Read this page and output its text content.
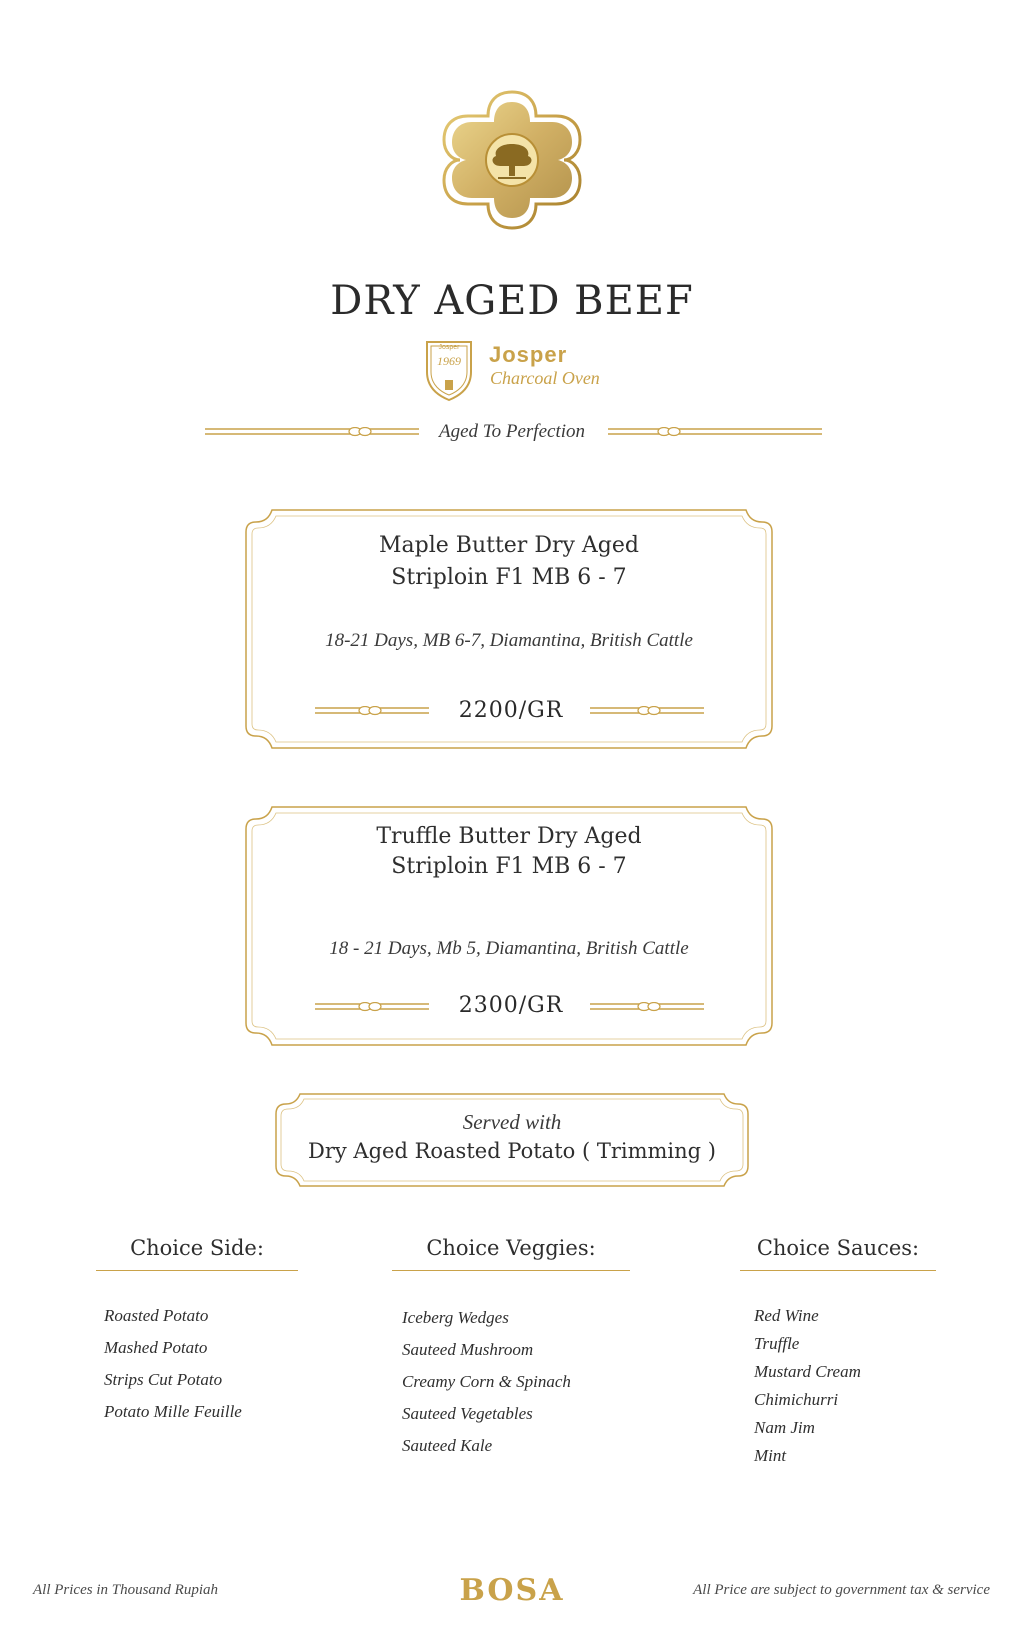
DRY AGED BEEF
Josper
1969 Josper
Charcoal Oven
Aged To Perfection
Maple Butter Dry Aged
Striploin F1 MB 6 - 7
18-21 Days, MB 6-7, Diamantina, British Cattle
2200/GR
Truffle Butter Dry Aged
Striploin F1 MB 6 - 7
18 - 21 Days, Mb 5, Diamantina, British Cattle
2300/GR
Served with
Dry Aged Roasted Potato ( Trimming )
Choice Side:
Roasted Potato
Mashed Potato
Strips Cut Potato
Potato Mille Feuille
Choice Veggies:
Iceberg Wedges
Sauteed Mushroom
Creamy Corn & Spinach
Sauteed Vegetables
Sauteed Kale
Choice Sauces:
Red Wine
Truffle
Mustard Cream
Chimichurri
Nam Jim
Mint
All Prices in Thousand Rupiah	BOSA	All Price are subject to government tax & service
